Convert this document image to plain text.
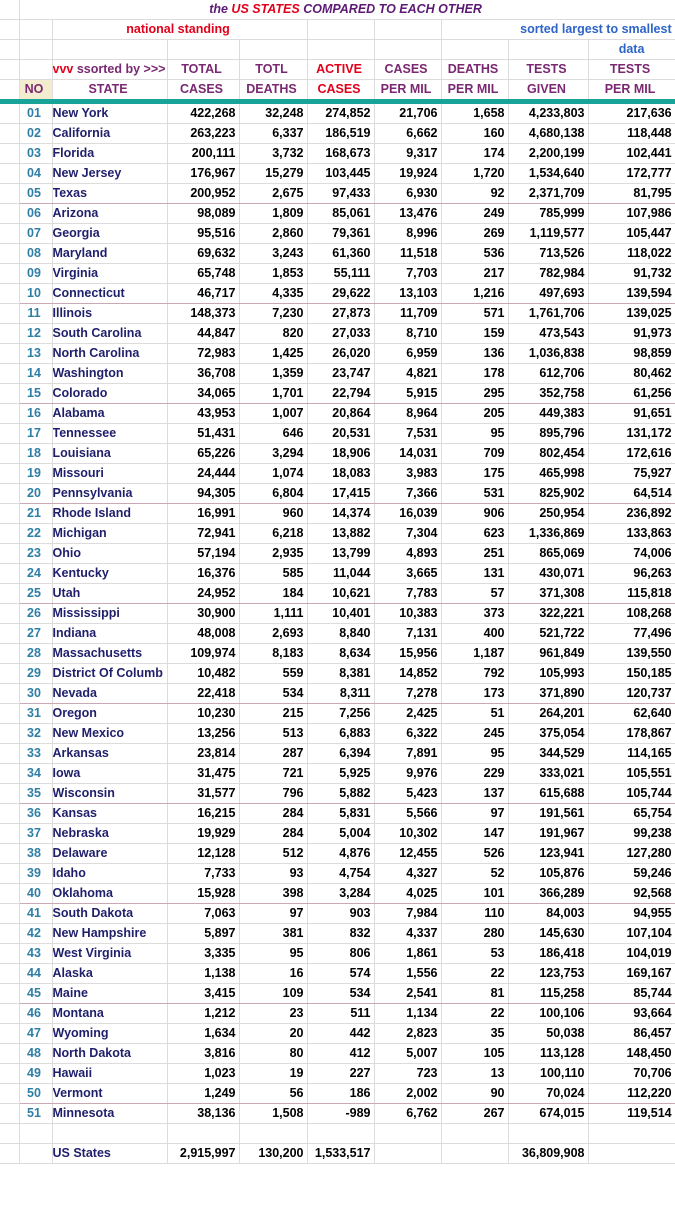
	the US STATES COMPARED TO EACH OTHER								
		national standing					sorted largest to smallest		
									data
		vvv ssorted by >>>	TOTAL	TOTL	ACTIVE	CASES	DEATHS	TESTS	TESTS
	NO	STATE	CASES	DEATHS	CASES	PER MIL	PER MIL	GIVEN	PER MIL
	01	New York	422,268	32,248	274,852	21,706	1,658	4,233,803	217,636
	02	California	263,223	6,337	186,519	6,662	160	4,680,138	118,448
	03	Florida	200,111	3,732	168,673	9,317	174	2,200,199	102,441
	04	New Jersey	176,967	15,279	103,445	19,924	1,720	1,534,640	172,777
	05	Texas	200,952	2,675	97,433	6,930	92	2,371,709	81,795
	06	Arizona	98,089	1,809	85,061	13,476	249	785,999	107,986
	07	Georgia	95,516	2,860	79,361	8,996	269	1,119,577	105,447
	08	Maryland	69,632	3,243	61,360	11,518	536	713,526	118,022
	09	Virginia	65,748	1,853	55,111	7,703	217	782,984	91,732
	10	Connecticut	46,717	4,335	29,622	13,103	1,216	497,693	139,594
	11	Illinois	148,373	7,230	27,873	11,709	571	1,761,706	139,025
	12	South Carolina	44,847	820	27,033	8,710	159	473,543	91,973
	13	North Carolina	72,983	1,425	26,020	6,959	136	1,036,838	98,859
	14	Washington	36,708	1,359	23,747	4,821	178	612,706	80,462
	15	Colorado	34,065	1,701	22,794	5,915	295	352,758	61,256
	16	Alabama	43,953	1,007	20,864	8,964	205	449,383	91,651
	17	Tennessee	51,431	646	20,531	7,531	95	895,796	131,172
	18	Louisiana	65,226	3,294	18,906	14,031	709	802,454	172,616
	19	Missouri	24,444	1,074	18,083	3,983	175	465,998	75,927
	20	Pennsylvania	94,305	6,804	17,415	7,366	531	825,902	64,514
	21	Rhode Island	16,991	960	14,374	16,039	906	250,954	236,892
	22	Michigan	72,941	6,218	13,882	7,304	623	1,336,869	133,863
	23	Ohio	57,194	2,935	13,799	4,893	251	865,069	74,006
	24	Kentucky	16,376	585	11,044	3,665	131	430,071	96,263
	25	Utah	24,952	184	10,621	7,783	57	371,308	115,818
	26	Mississippi	30,900	1,111	10,401	10,383	373	322,221	108,268
	27	Indiana	48,008	2,693	8,840	7,131	400	521,722	77,496
	28	Massachusetts	109,974	8,183	8,634	15,956	1,187	961,849	139,550
	29	District Of Columb	10,482	559	8,381	14,852	792	105,993	150,185
	30	Nevada	22,418	534	8,311	7,278	173	371,890	120,737
	31	Oregon	10,230	215	7,256	2,425	51	264,201	62,640
	32	New Mexico	13,256	513	6,883	6,322	245	375,054	178,867
	33	Arkansas	23,814	287	6,394	7,891	95	344,529	114,165
	34	Iowa	31,475	721	5,925	9,976	229	333,021	105,551
	35	Wisconsin	31,577	796	5,882	5,423	137	615,688	105,744
	36	Kansas	16,215	284	5,831	5,566	97	191,561	65,754
	37	Nebraska	19,929	284	5,004	10,302	147	191,967	99,238
	38	Delaware	12,128	512	4,876	12,455	526	123,941	127,280
	39	Idaho	7,733	93	4,754	4,327	52	105,876	59,246
	40	Oklahoma	15,928	398	3,284	4,025	101	366,289	92,568
	41	South Dakota	7,063	97	903	7,984	110	84,003	94,955
	42	New Hampshire	5,897	381	832	4,337	280	145,630	107,104
	43	West Virginia	3,335	95	806	1,861	53	186,418	104,019
	44	Alaska	1,138	16	574	1,556	22	123,753	169,167
	45	Maine	3,415	109	534	2,541	81	115,258	85,744
	46	Montana	1,212	23	511	1,134	22	100,106	93,664
	47	Wyoming	1,634	20	442	2,823	35	50,038	86,457
	48	North Dakota	3,816	80	412	5,007	105	113,128	148,450
	49	Hawaii	1,023	19	227	723	13	100,110	70,706
	50	Vermont	1,249	56	186	2,002	90	70,024	112,220
	51	Minnesota	38,136	1,508	-989	6,762	267	674,015	119,514

		US States	2,915,997	130,200	1,533,517			36,809,908	
